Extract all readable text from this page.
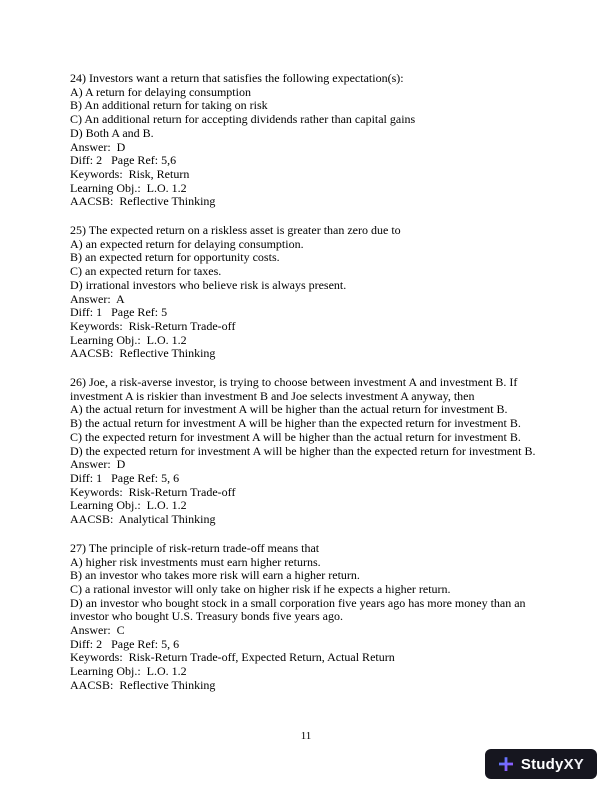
24) Investors want a return that satisfies the following expectation(s):
A) A return for delaying consumption
B) An additional return for taking on risk
C) An additional return for accepting dividends rather than capital gains
D) Both A and B.
Answer:  D
Diff: 2   Page Ref: 5,6
Keywords:  Risk, Return
Learning Obj.:  L.O. 1.2
AACSB:  Reflective Thinking
25) The expected return on a riskless asset is greater than zero due to
A) an expected return for delaying consumption.
B) an expected return for opportunity costs.
C) an expected return for taxes.
D) irrational investors who believe risk is always present.
Answer:  A
Diff: 1   Page Ref: 5
Keywords:  Risk-Return Trade-off
Learning Obj.:  L.O. 1.2
AACSB:  Reflective Thinking
26) Joe, a risk-averse investor, is trying to choose between investment A and investment B. If
investment A is riskier than investment B and Joe selects investment A anyway, then
A) the actual return for investment A will be higher than the actual return for investment B.
B) the actual return for investment A will be higher than the expected return for investment B.
C) the expected return for investment A will be higher than the actual return for investment B.
D) the expected return for investment A will be higher than the expected return for investment B.
Answer:  D
Diff: 1   Page Ref: 5, 6
Keywords:  Risk-Return Trade-off
Learning Obj.:  L.O. 1.2
AACSB:  Analytical Thinking
27) The principle of risk-return trade-off means that
A) higher risk investments must earn higher returns.
B) an investor who takes more risk will earn a higher return.
C) a rational investor will only take on higher risk if he expects a higher return.
D) an investor who bought stock in a small corporation five years ago has more money than an
investor who bought U.S. Treasury bonds five years ago.
Answer:  C
Diff: 2   Page Ref: 5, 6
Keywords:  Risk-Return Trade-off, Expected Return, Actual Return
Learning Obj.:  L.O. 1.2
AACSB:  Reflective Thinking
11
StudyXY
